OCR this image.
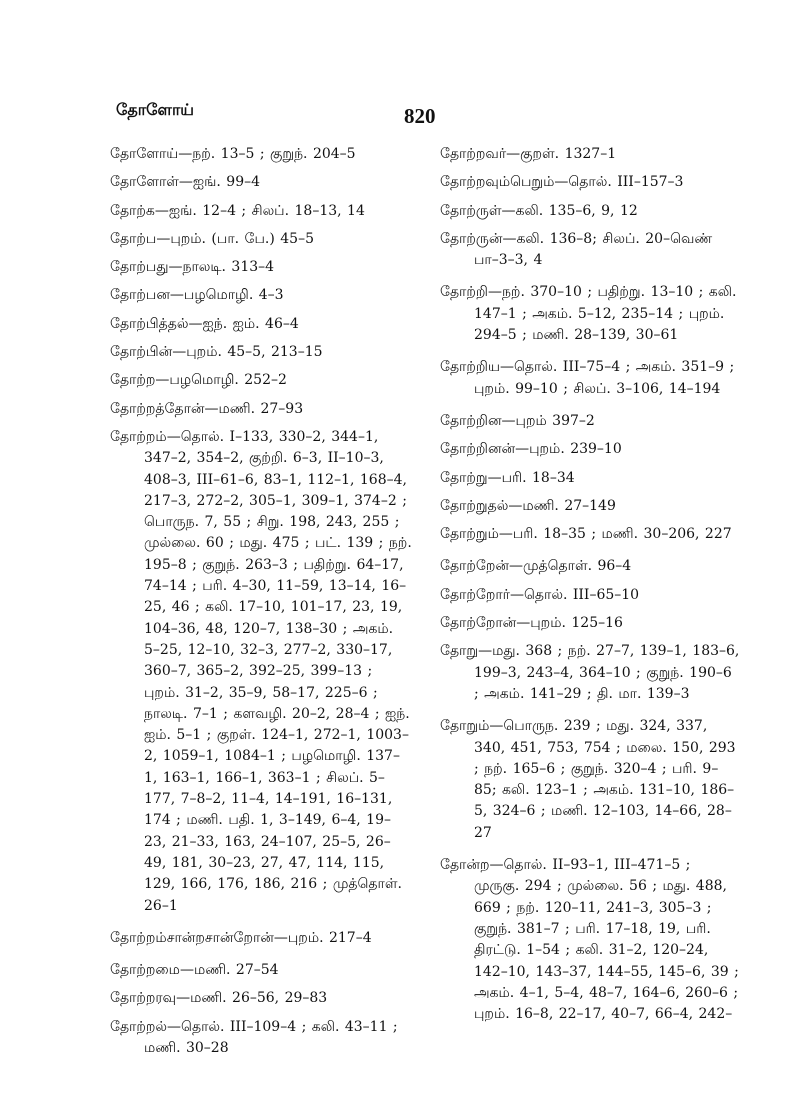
தோளோய்	820

தோளோய்—நற். 13–5 ; குறுந். 204–5

தோளோள்—ஐங். 99–4

தோற்க—ஐங். 12–4 ; சிலப். 18–13, 14

தோற்ப—புறம். (பா. பே.) 45–5

தோற்பது—நாலடி. 313–4

தோற்பன—பழமொழி. 4–3

தோற்பித்தல்—ஐந். ஐம். 46–4

தோற்பின்—புறம். 45–5, 213–15

தோற்ற—பழமொழி. 252–2

தோற்றத்தோன்—மணி. 27–93

தோற்றம்—தொல். I–133, 330–2, 344–1, 347–2, 354–2, குற்றி. 6–3, II–10–3, 408–3, III–61–6, 83–1, 112–1, 168–4, 217–3, 272–2, 305–1, 309–1, 374–2 ; பொருந. 7, 55 ; சிறு. 198, 243, 255 ; முல்லை. 60 ; மது. 475 ; பட். 139 ; நற். 195–8 ; குறுந். 263–3 ; பதிற்று. 64–17, 74–14 ; பரி. 4–30, 11–59, 13–14, 16–25, 46 ; கலி. 17–10, 101–17, 23, 19, 104–36, 48, 120–7, 138–30 ; அகம். 5–25, 12–10, 32–3, 277–2, 330–17, 360–7, 365–2, 392–25, 399–13 ; புறம். 31–2, 35–9, 58–17, 225–6 ; நாலடி. 7–1 ; களவழி. 20–2, 28–4 ; ஐந். ஐம். 5–1 ; குறள். 124–1, 272–1, 1003–2, 1059–1, 1084–1 ; பழமொழி. 137–1, 163–1, 166–1, 363–1 ; சிலப். 5–177, 7–8–2, 11–4, 14–191, 16–131, 174 ; மணி. பதி. 1, 3–149, 6–4, 19–23, 21–33, 163, 24–107, 25–5, 26–49, 181, 30–23, 27, 47, 114, 115, 129, 166, 176, 186, 216 ; முத்தொள். 26–1

தோற்றம்சான்றசான்றோன்—புறம். 217–4

தோற்றமை—மணி. 27–54

தோற்றரவு—மணி. 26–56, 29–83

தோற்றல்—தொல். III–109–4 ; கலி. 43–11 ; மணி. 30–28

தோற்றவர்—குறள். 1327–1

தோற்றவும்பெறும்—தொல். III–157–3

தோற்ருள்—கலி. 135–6, 9, 12

தோற்ருன்—கலி. 136–8; சிலப். 20–வெண் பா–3–3, 4

தோற்றி—நற். 370–10 ; பதிற்று. 13–10 ; கலி. 147–1 ; அகம். 5–12, 235–14 ; புறம். 294–5 ; மணி. 28–139, 30–61

தோற்றிய—தொல். III–75–4 ; அகம். 351–9 ; புறம். 99–10 ; சிலப். 3–106, 14–194

தோற்றின—புறம் 397–2

தோற்றினன்—புறம். 239–10

தோற்று—பரி. 18–34

தோற்றுதல்—மணி. 27–149

தோற்றும்—பரி. 18–35 ; மணி. 30–206, 227

தோற்றேன்—முத்தொள். 96–4

தோற்றோர்—தொல். III–65–10

தோற்றோன்—புறம். 125–16

தோறு—மது. 368 ; நற். 27–7, 139–1, 183–6, 199–3, 243–4, 364–10 ; குறுந். 190–6 ; அகம். 141–29 ; தி. மா. 139–3

தோறும்—பொருந. 239 ; மது. 324, 337, 340, 451, 753, 754 ; மலை. 150, 293 ; நற். 165–6 ; குறுந். 320–4 ; பரி. 9–85; கலி. 123–1 ; அகம். 131–10, 186–5, 324–6 ; மணி. 12–103, 14–66, 28–27

தோன்ற—தொல். II–93–1, III–471–5 ; முருகு. 294 ; முல்லை. 56 ; மது. 488, 669 ; நற். 120–11, 241–3, 305–3 ; குறுந். 381–7 ; பரி. 17–18, 19, பரி. திரட்டு. 1–54 ; கலி. 31–2, 120–24, 142–10, 143–37, 144–55, 145–6, 39 ; அகம். 4–1, 5–4, 48–7, 164–6, 260–6 ; புறம். 16–8, 22–17, 40–7, 66–4, 242–
